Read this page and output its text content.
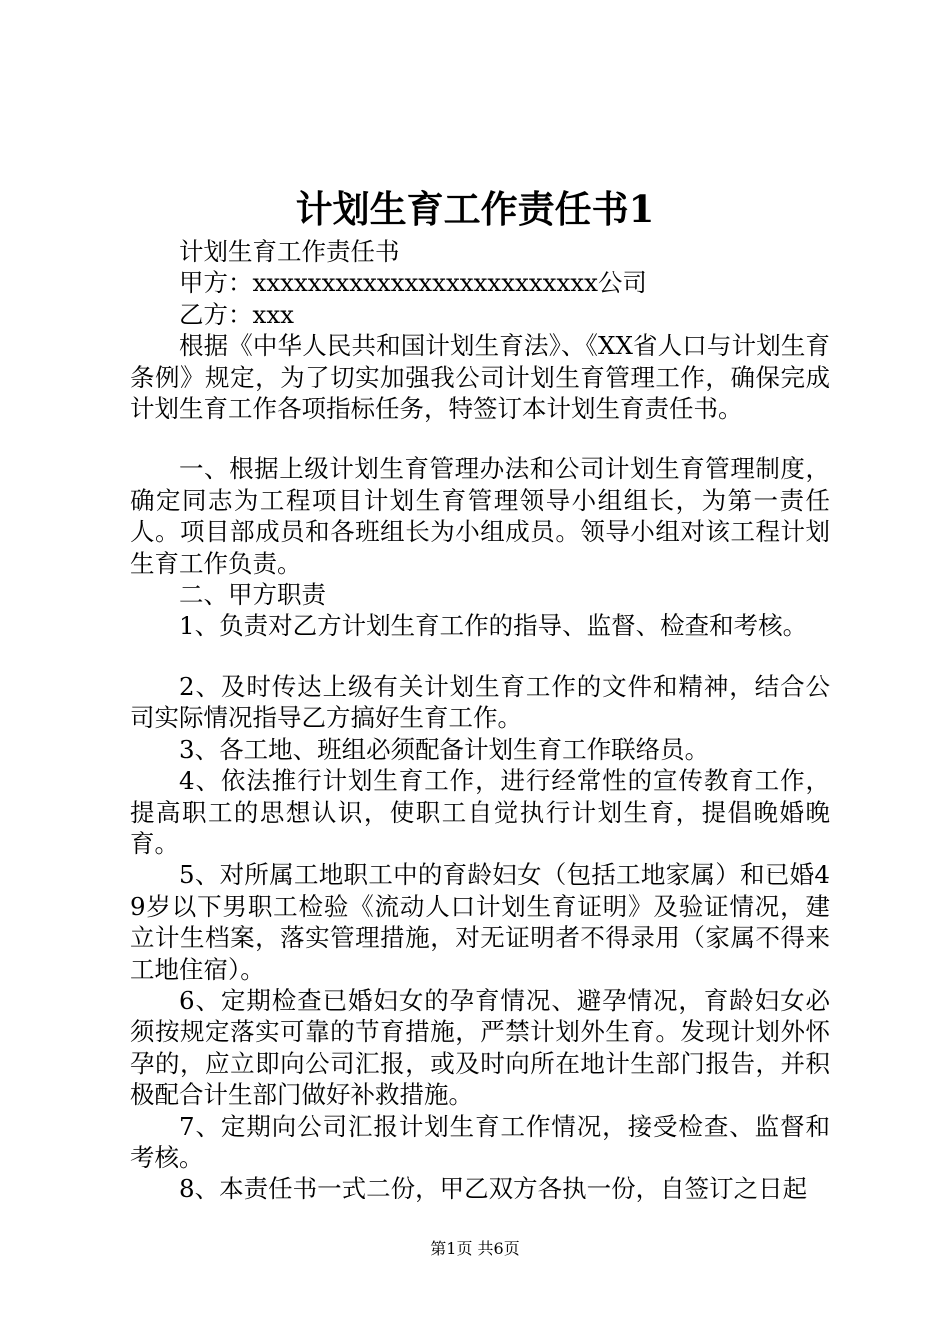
计划生育工作责任书1

计划生育工作责任书

甲方：xxxxxxxxxxxxxxxxxxxxxxxxx公司

乙方：xxx

根据《中华人民共和国计划生育法》、《XX省人口与计划生育条例》规定，为了切实加强我公司计划生育管理工作，确保完成计划生育工作各项指标任务，特签订本计划生育责任书。

一、根据上级计划生育管理办法和公司计划生育管理制度，确定同志为工程项目计划生育管理领导小组组长，为第一责任人。项目部成员和各班组长为小组成员。领导小组对该工程计划生育工作负责。

二、甲方职责

1、负责对乙方计划生育工作的指导、监督、检查和考核。

2、及时传达上级有关计划生育工作的文件和精神，结合公司实际情况指导乙方搞好生育工作。

3、各工地、班组必须配备计划生育工作联络员。

4、依法推行计划生育工作，进行经常性的宣传教育工作，提高职工的思想认识，使职工自觉执行计划生育，提倡晚婚晚育。

5、对所属工地职工中的育龄妇女（包括工地家属）和已婚49岁以下男职工检验《流动人口计划生育证明》及验证情况，建立计生档案，落实管理措施，对无证明者不得录用（家属不得来工地住宿）。

6、定期检查已婚妇女的孕育情况、避孕情况，育龄妇女必须按规定落实可靠的节育措施，严禁计划外生育。发现计划外怀孕的，应立即向公司汇报，或及时向所在地计生部门报告，并积极配合计生部门做好补救措施。

7、定期向公司汇报计划生育工作情况，接受检查、监督和考核。

8、本责任书一式二份，甲乙双方各执一份，自签订之日起

第1页 共6页
